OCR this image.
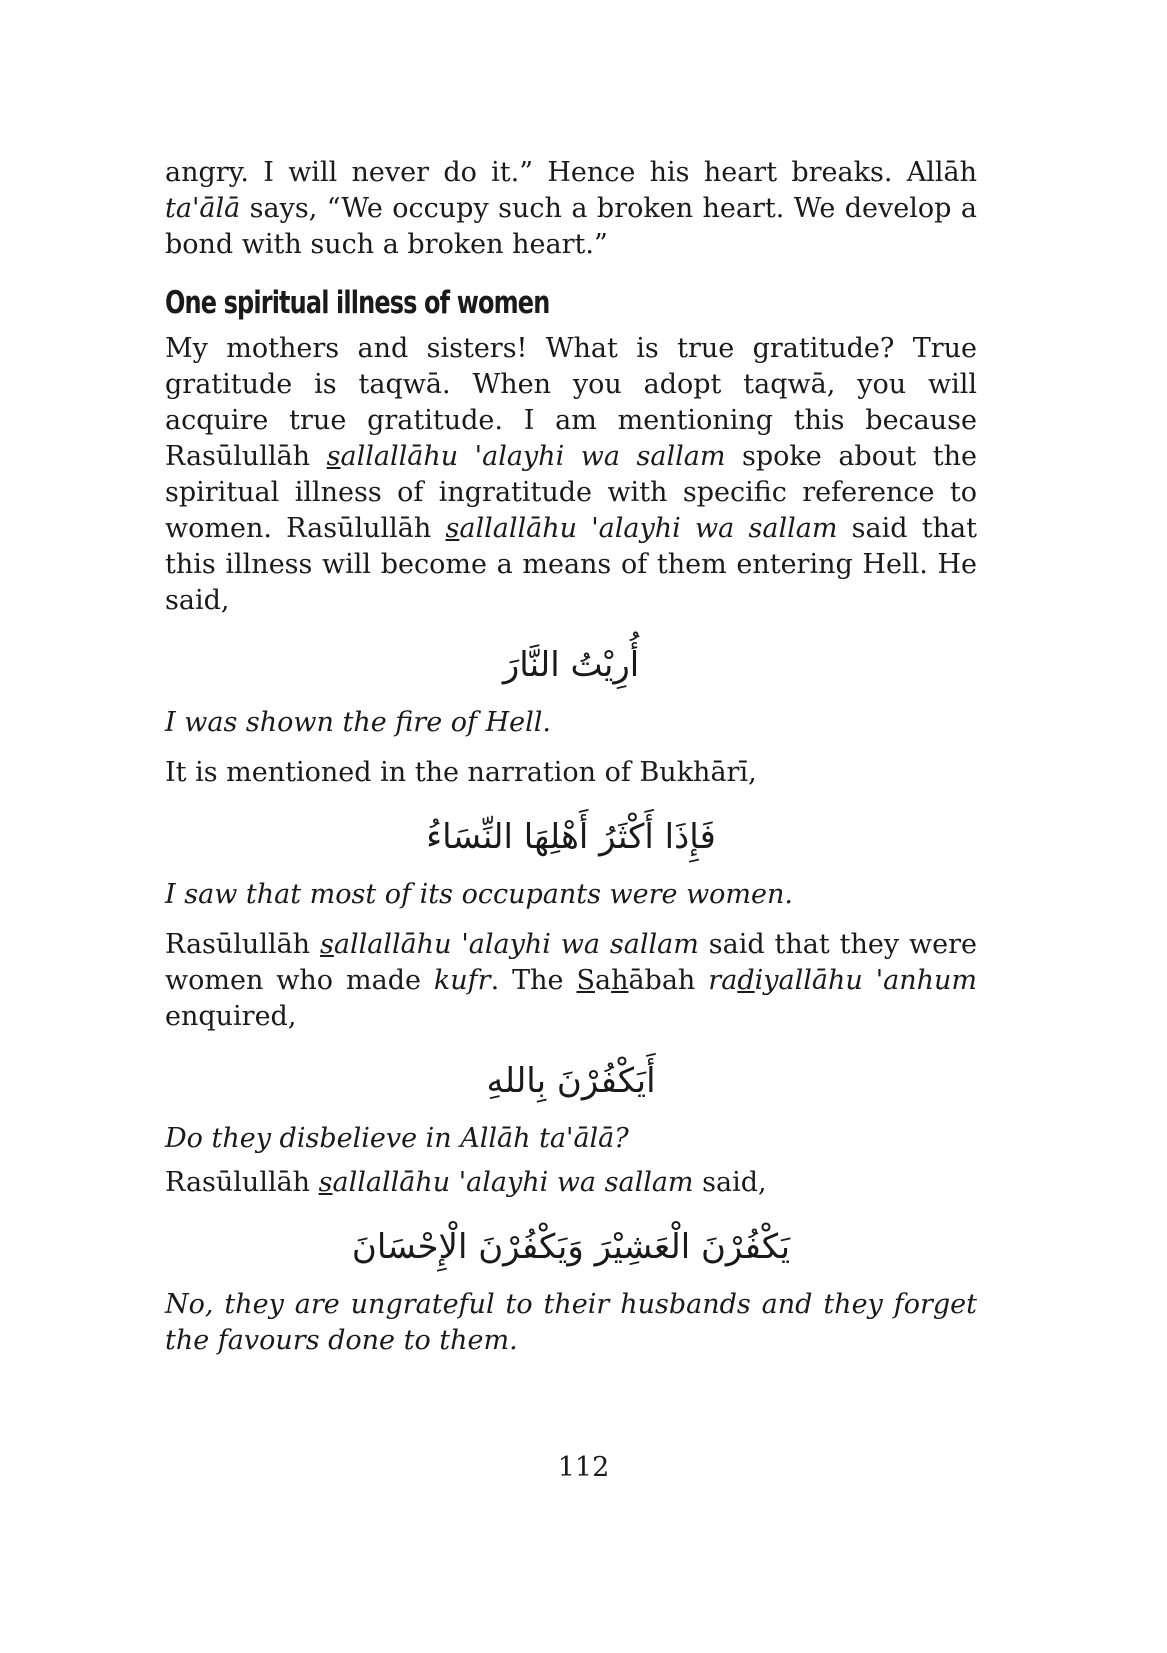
angry. I will never do it.” Hence his heart breaks. Allāh ta'ālā says, “We occupy such a broken heart. We develop a bond with such a broken heart.”

One spiritual illness of women

My mothers and sisters! What is true gratitude? True gratitude is taqwā. When you adopt taqwā, you will acquire true gratitude. I am mentioning this because Rasūlullāh sallallāhu 'alayhi wa sallam spoke about the spiritual illness of ingratitude with specific reference to women. Rasūlullāh sallallāhu 'alayhi wa sallam said that this illness will become a means of them entering Hell. He said,

أُرِيْتُ النَّارَ

I was shown the fire of Hell.

It is mentioned in the narration of Bukhārī,

فَإِذَا أَكْثَرُ أَهْلِهَا النِّسَاءُ

I saw that most of its occupants were women.

Rasūlullāh sallallāhu 'alayhi wa sallam said that they were women who made kufr. The Sahābah radiyallāhu 'anhum enquired,

أَيَكْفُرْنَ بِاللهِ

Do they disbelieve in Allāh ta'ālā?

Rasūlullāh sallallāhu 'alayhi wa sallam said,

يَكْفُرْنَ الْعَشِيْرَ وَيَكْفُرْنَ الْإِحْسَانَ

No, they are ungrateful to their husbands and they forget the favours done to them.

112
